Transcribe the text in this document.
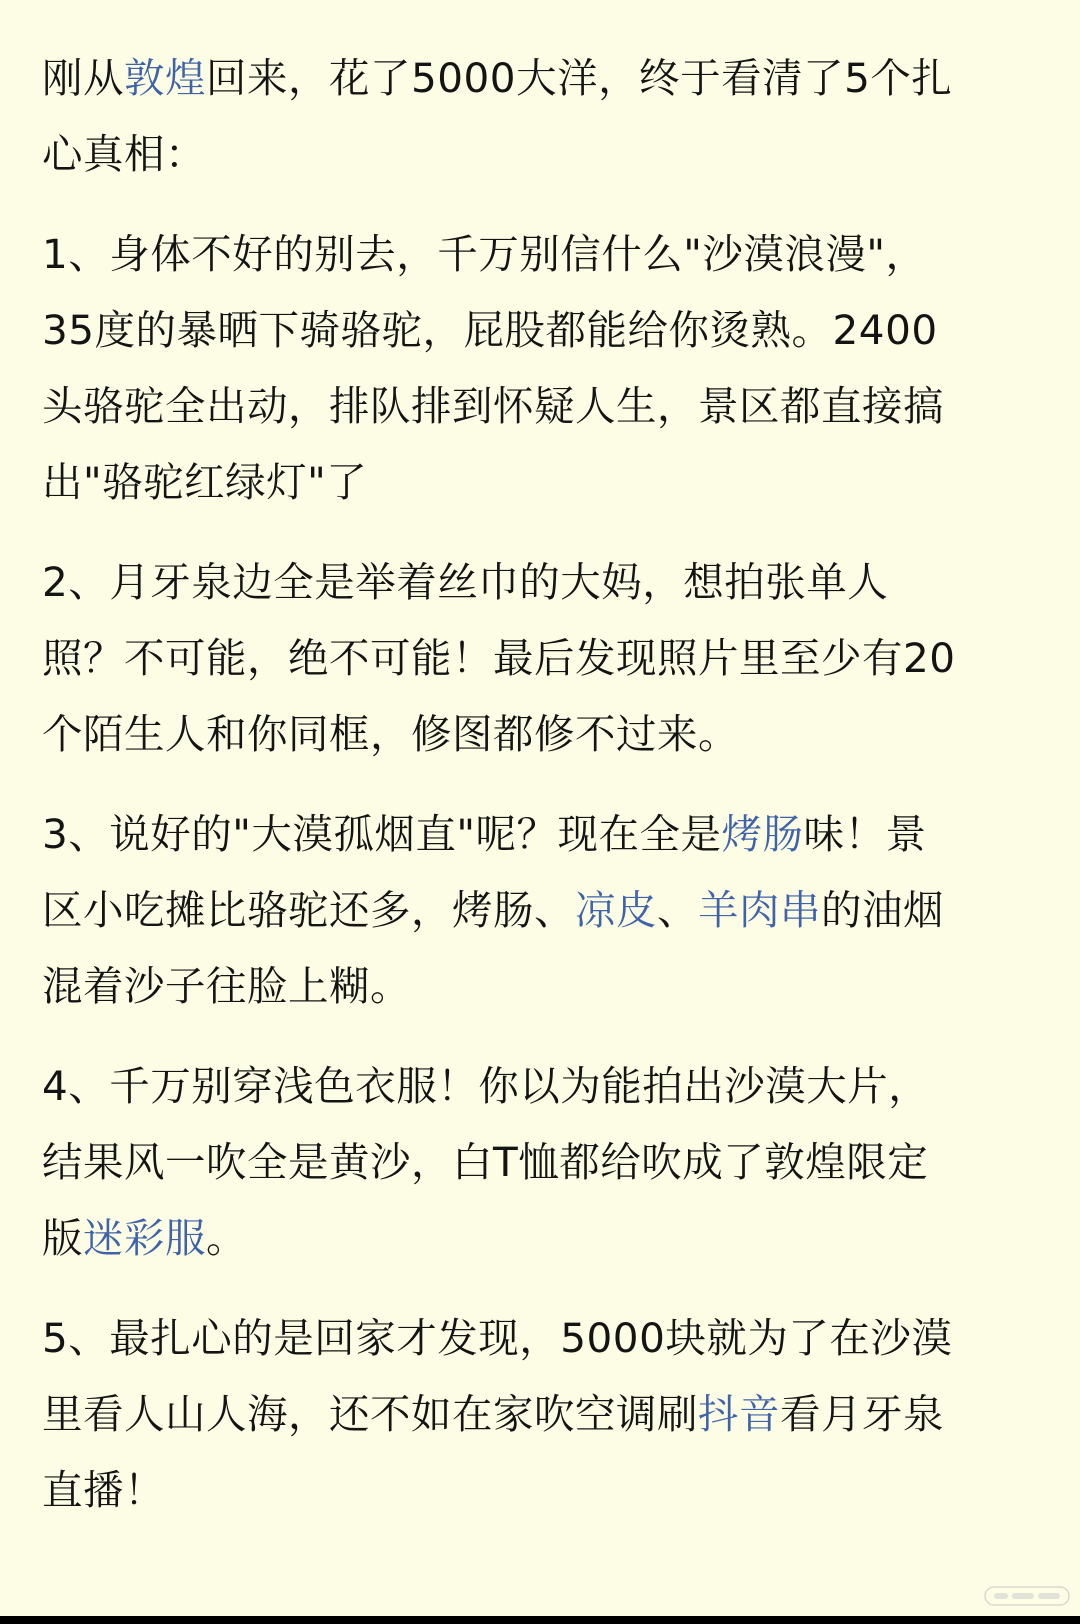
刚从敦煌回来，花了5000大洋，终于看清了5个扎心真相：

1、身体不好的别去，千万别信什么"沙漠浪漫"，35度的暴晒下骑骆驼，屁股都能给你烫熟。2400头骆驼全出动，排队排到怀疑人生，景区都直接搞出"骆驼红绿灯"了

2、月牙泉边全是举着丝巾的大妈，想拍张单人照？不可能，绝不可能！最后发现照片里至少有20个陌生人和你同框，修图都修不过来。

3、说好的"大漠孤烟直"呢？现在全是烤肠味！景区小吃摊比骆驼还多，烤肠、凉皮、羊肉串的油烟混着沙子往脸上糊。

4、千万别穿浅色衣服！你以为能拍出沙漠大片，结果风一吹全是黄沙，白T恤都给吹成了敦煌限定版迷彩服。

5、最扎心的是回家才发现，5000块就为了在沙漠里看人山人海，还不如在家吹空调刷抖音看月牙泉直播！
